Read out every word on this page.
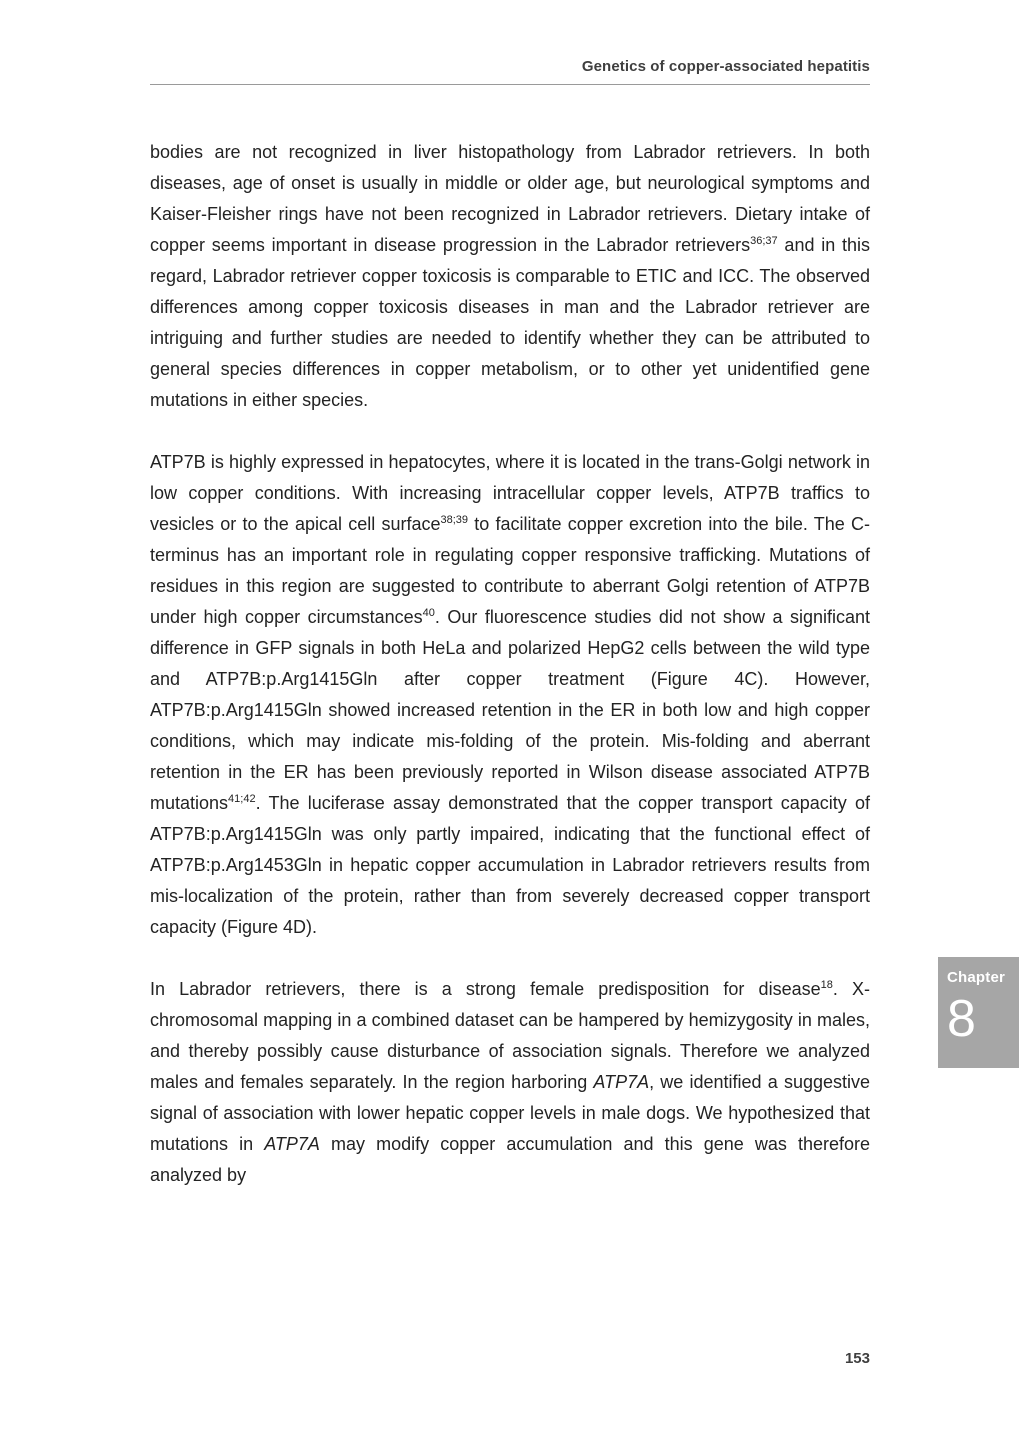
Genetics of copper-associated hepatitis

bodies are not recognized in liver histopathology from Labrador retrievers. In both diseases, age of onset is usually in middle or older age, but neurological symptoms and Kaiser-Fleisher rings have not been recognized in Labrador retrievers. Dietary intake of copper seems important in disease progression in the Labrador retrievers$^{36;37}$ and in this regard, Labrador retriever copper toxicosis is comparable to ETIC and ICC. The observed differences among copper toxicosis diseases in man and the Labrador retriever are intriguing and further studies are needed to identify whether they can be attributed to general species differences in copper metabolism, or to other yet unidentified gene mutations in either species.

ATP7B is highly expressed in hepatocytes, where it is located in the trans-Golgi network in low copper conditions. With increasing intracellular copper levels, ATP7B traffics to vesicles or to the apical cell surface$^{38;39}$ to facilitate copper excretion into the bile. The C-terminus has an important role in regulating copper responsive trafficking. Mutations of residues in this region are suggested to contribute to aberrant Golgi retention of ATP7B under high copper circumstances$^{40}$. Our fluorescence studies did not show a significant difference in GFP signals in both HeLa and polarized HepG2 cells between the wild type and ATP7B:p.Arg1415Gln after copper treatment (Figure 4C). However, ATP7B:p.Arg1415Gln showed increased retention in the ER in both low and high copper conditions, which may indicate mis-folding of the protein. Mis-folding and aberrant retention in the ER has been previously reported in Wilson disease associated ATP7B mutations$^{41;42}$. The luciferase assay demonstrated that the copper transport capacity of ATP7B:p.Arg1415Gln was only partly impaired, indicating that the functional effect of ATP7B:p.Arg1453Gln in hepatic copper accumulation in Labrador retrievers results from mis-localization of the protein, rather than from severely decreased copper transport capacity (Figure 4D).

In Labrador retrievers, there is a strong female predisposition for disease$^{18}$. X-chromosomal mapping in a combined dataset can be hampered by hemizygosity in males, and thereby possibly cause disturbance of association signals. Therefore we analyzed males and females separately. In the region harboring ATP7A, we identified a suggestive signal of association with lower hepatic copper levels in male dogs. We hypothesized that mutations in ATP7A may modify copper accumulation and this gene was therefore analyzed by

Chapter
8
153
